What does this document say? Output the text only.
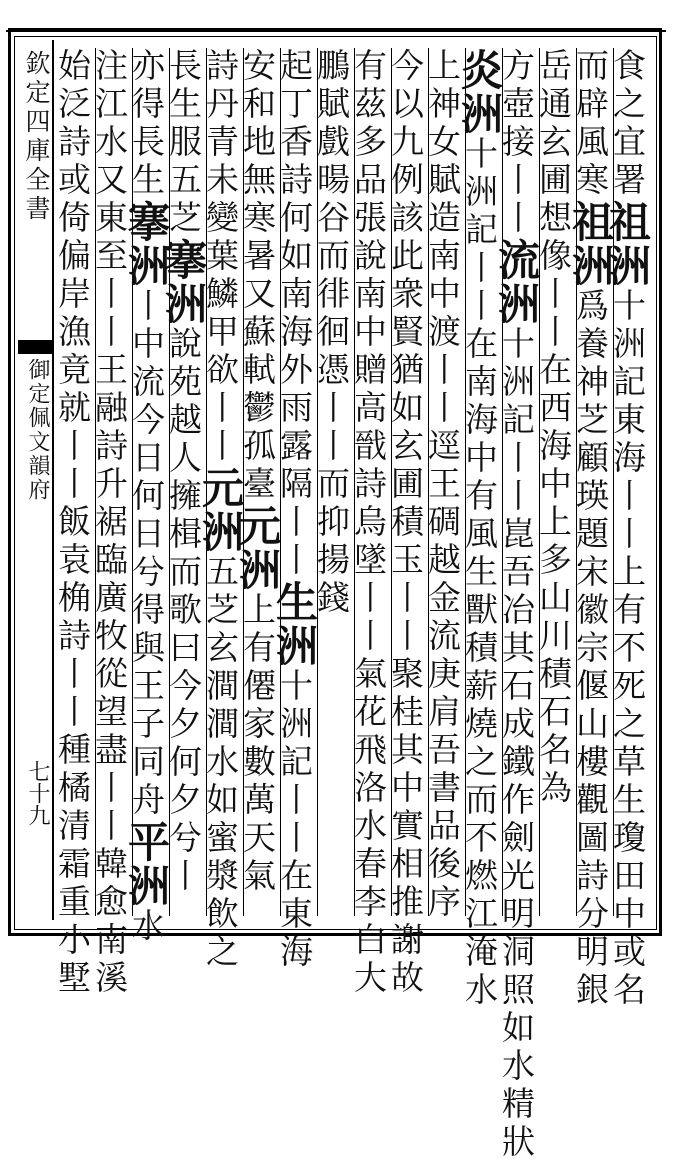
欽定四庫全書
御定佩文韻府
七十九
食之宜署祖洲十洲記東海丨丨上有不死之草生瓊田中或名
而辟風寒祖洲爲養神芝顧瑛題宋徽宗偃山樓觀圖詩分明銀
岳通玄圃想像丨丨在西海中上多山川積石名為
方壺接丨丨流洲十洲記丨丨崑吾冶其石成鐵作劍光明洞照如水精狀
炎洲十洲記丨丨在南海中有風生獸積薪燒之而不燃江淹水
上神女賦造南中渡丨丨逕王碉越金流庚肩吾書品後序
今以九例該此衆賢猶如玄圃積玉丨丨聚桂其中實相推謝故
有茲多品張說南中贈高戩詩烏墜丨丨氣花飛洛水春李白大
鵬賦戲暘谷而徘徊憑丨丨而抑揚錢
起丁香詩何如南海外雨露隔丨丨生洲十洲記丨丨在東海
安和地無寒暑又蘇軾鬱孤臺元洲上有僊家數萬天氣
詩丹青未變葉鱗甲欲丨丨元洲五芝玄澗澗水如蜜漿飲之
長生服五芝搴洲說苑越人擁楫而歌曰今夕何夕兮丨
亦得長生搴洲丨中流今日何日兮得與王子同舟平洲水
注江水又東至丨丨王融詩升裾臨廣牧從望盡丨丨韓愈南溪
始泛詩或倚偏岸漁竟就丨丨飯袁桷詩丨丨種橘清霜重小墅
